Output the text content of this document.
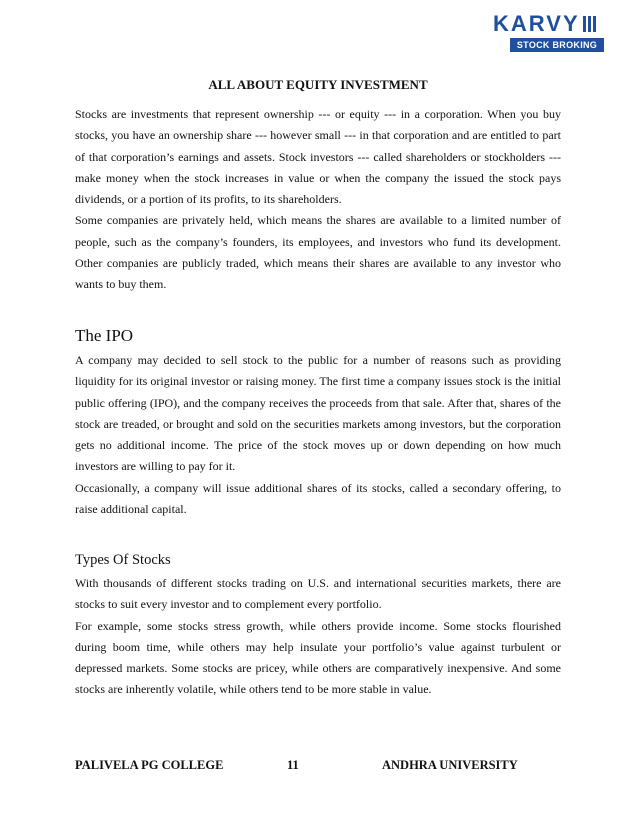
KARVY
STOCK BROKING
ALL ABOUT EQUITY INVESTMENT

Stocks are investments that represent ownership --- or equity --- in a corporation. When you buy stocks, you have an ownership share --- however small --- in that corporation and are entitled to part of that corporation’s earnings and assets. Stock investors --- called shareholders or stockholders --- make money when the stock increases in value or when the company the issued the stock pays dividends, or a portion of its profits, to its shareholders.

Some companies are privately held, which means the shares are available to a limited number of people, such as the company’s founders, its employees, and investors who fund its development. Other companies are publicly traded, which means their shares are available to any investor who wants to buy them.

The IPO

A company may decided to sell stock to the public for a number of reasons such as providing liquidity for its original investor or raising money. The first time a company issues stock is the initial public offering (IPO), and the company receives the proceeds from that sale. After that, shares of the stock are treaded, or brought and sold on the securities markets among investors, but the corporation gets no additional income. The price of the stock moves up or down depending on how much investors are willing to pay for it.

Occasionally, a company will issue additional shares of its stocks, called a secondary offering, to raise additional capital.

Types Of Stocks

With thousands of different stocks trading on U.S. and international securities markets, there are stocks to suit every investor and to complement every portfolio.

For example, some stocks stress growth, while others provide income. Some stocks flourished during boom time, while others may help insulate your portfolio’s value against turbulent or depressed markets. Some stocks are pricey, while others are comparatively inexpensive. And some stocks are inherently volatile, while others tend to be more stable in value.

PALIVELA PG COLLEGE	11	ANDHRA UNIVERSITY
